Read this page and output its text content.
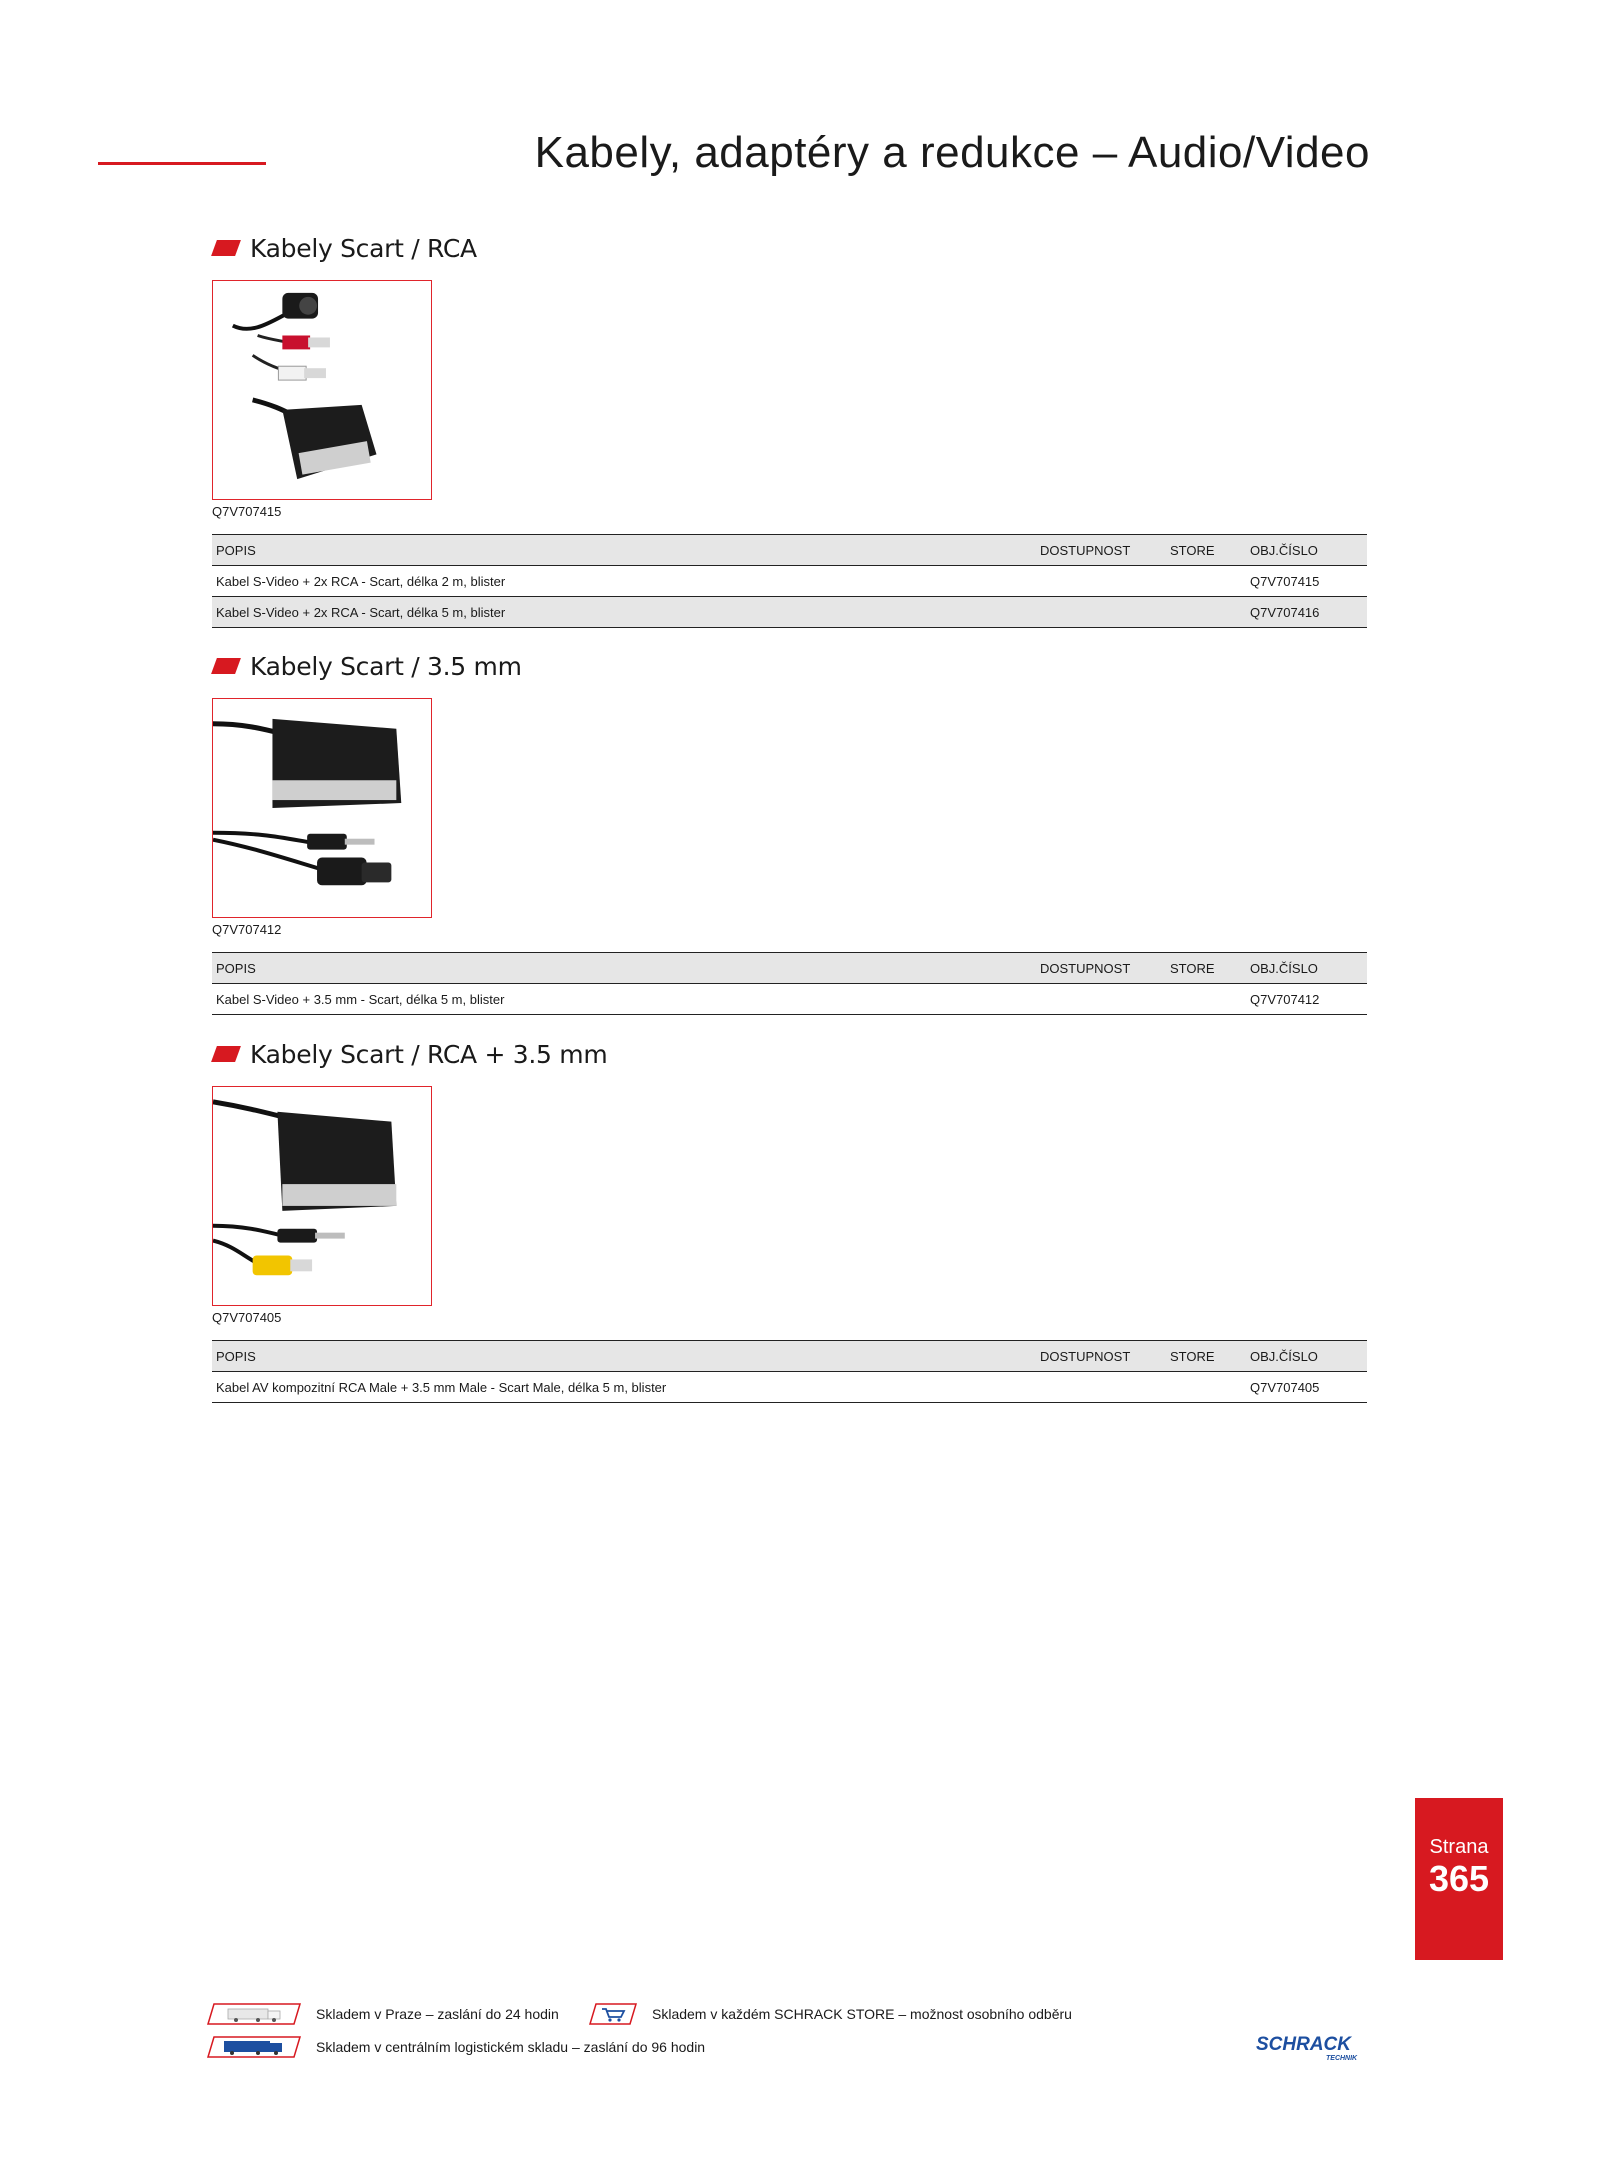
Kabely, adaptéry a redukce – Audio/Video
Kabely Scart / RCA
Q7V707415
POPIS	DOSTUPNOST	STORE	OBJ.ČÍSLO
Kabel S-Video + 2x RCA - Scart, délka 2 m, blister			Q7V707415
Kabel S-Video + 2x RCA - Scart, délka 5 m, blister			Q7V707416
Kabely Scart / 3.5 mm
Q7V707412
POPIS	DOSTUPNOST	STORE	OBJ.ČÍSLO
Kabel S-Video + 3.5 mm - Scart, délka 5 m, blister			Q7V707412
Kabely Scart / RCA + 3.5 mm
Q7V707405
POPIS	DOSTUPNOST	STORE	OBJ.ČÍSLO
Kabel AV kompozitní RCA Male + 3.5 mm Male - Scart Male, délka 5 m, blister			Q7V707405
Strana
365
Skladem v Praze – zaslání do 24 hodin	Skladem v každém SCHRACK STORE – možnost osobního odběru
Skladem v centrálním logistickém skladu – zaslání do 96 hodin	SCHRACK
TECHNIK
